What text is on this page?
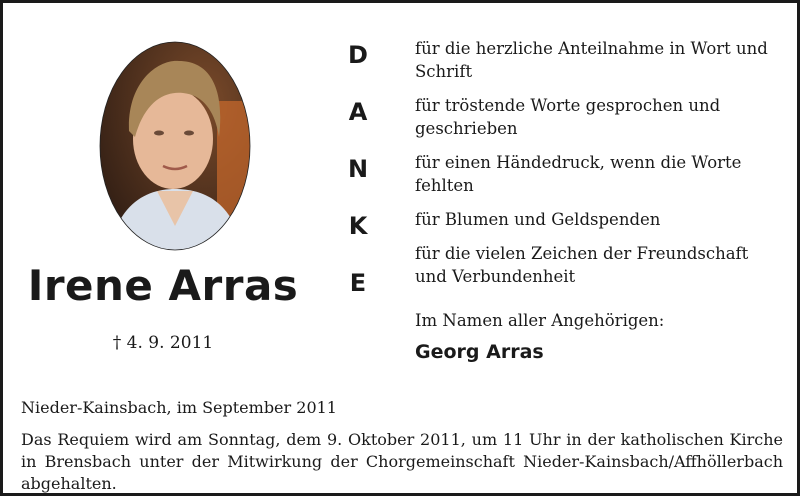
Irene Arras
† 4. 9. 2011
D
A
N
K
E
für die herzliche Anteilnahme in Wort und Schrift
für tröstende Worte gesprochen und geschrieben
für einen Händedruck, wenn die Worte fehlten
für Blumen und Geldspenden
für die vielen Zeichen der Freundschaft und Verbundenheit
Im Namen aller Angehörigen:
Georg Arras
Nieder-Kainsbach, im September 2011
Das Requiem wird am Sonntag, dem 9. Oktober 2011, um 11 Uhr in der katholischen Kirche in Brensbach unter der Mitwirkung der Chorgemeinschaft Nieder-Kainsbach/Affhöllerbach abgehalten.
